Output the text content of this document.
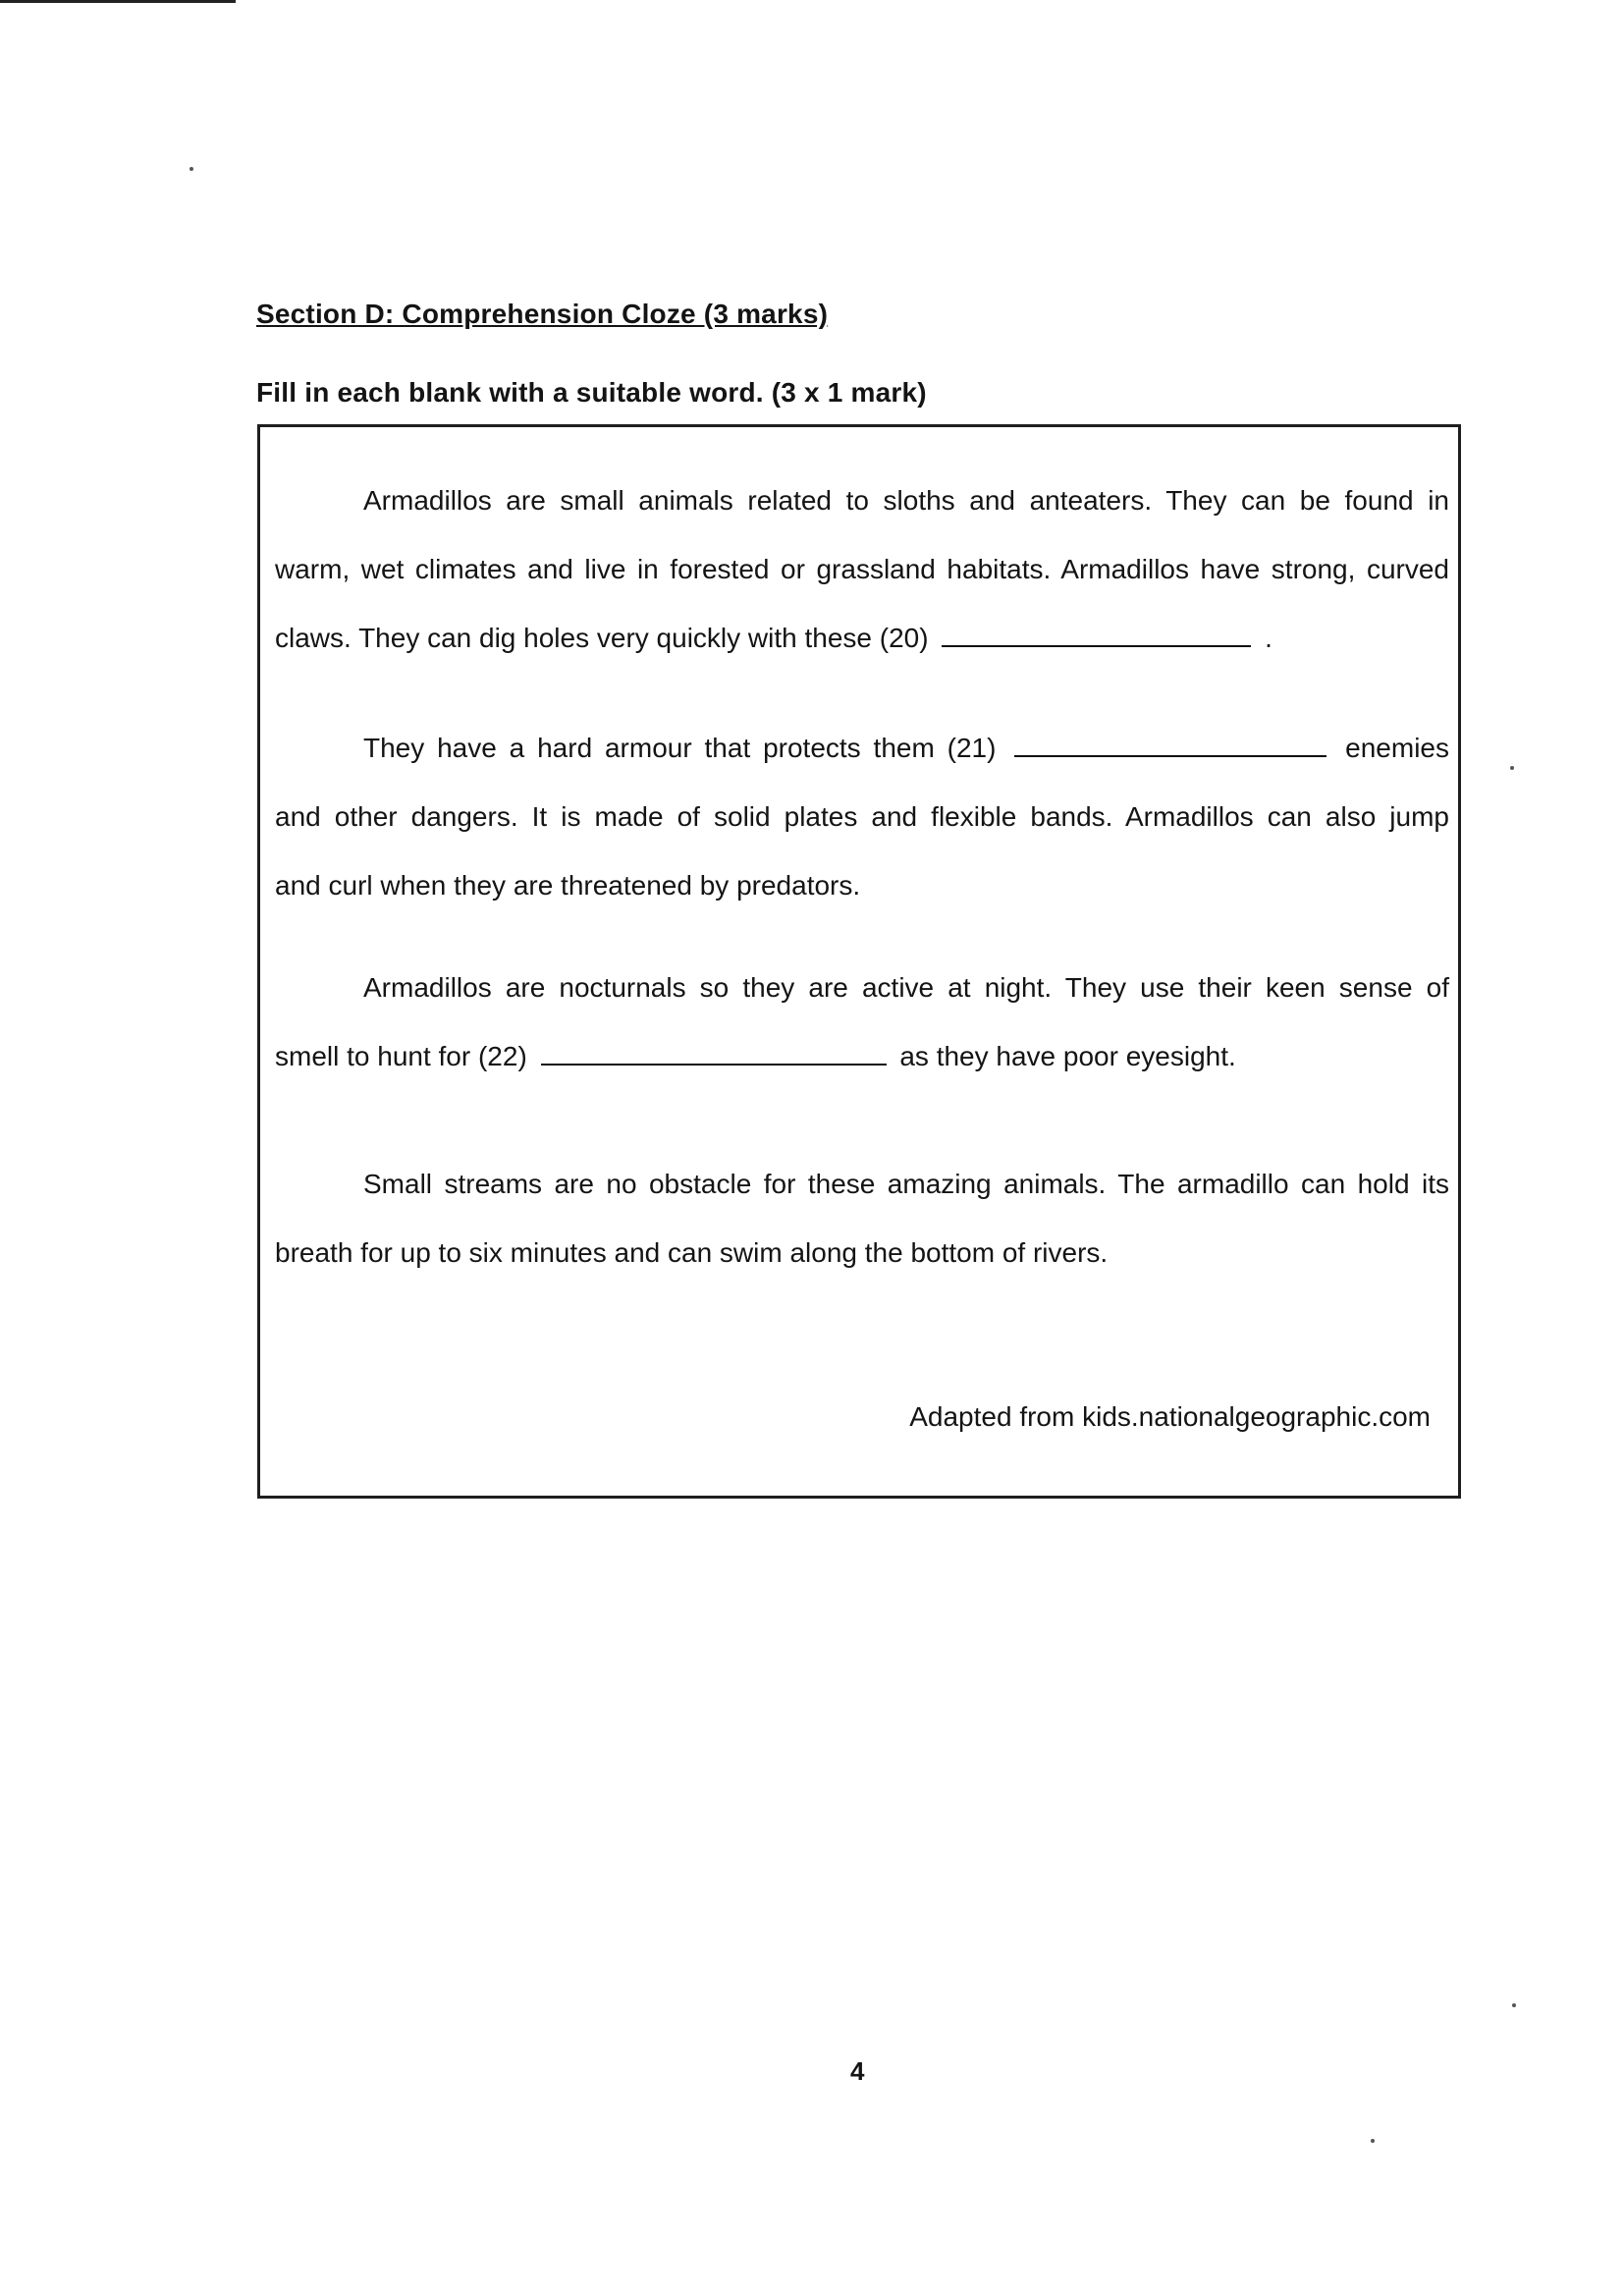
Section D: Comprehension Cloze (3 marks)
Fill in each blank with a suitable word. (3 x 1 mark)
Armadillos are small animals related to sloths and anteaters. They can be found in
warm, wet climates and live in forested or grassland habitats. Armadillos have strong, curved
claws. They can dig holes very quickly with these (20)	.
They have a hard armour that protects them (21)	enemies
and other dangers. It is made of solid plates and flexible bands. Armadillos can also jump
and curl when they are threatened by predators.
Armadillos are nocturnals so they are active at night. They use their keen sense of
smell to hunt for (22)	as they have poor eyesight.
Small streams are no obstacle for these amazing animals. The armadillo can hold its
breath for up to six minutes and can swim along the bottom of rivers.
Adapted from kids.nationalgeographic.com
4
